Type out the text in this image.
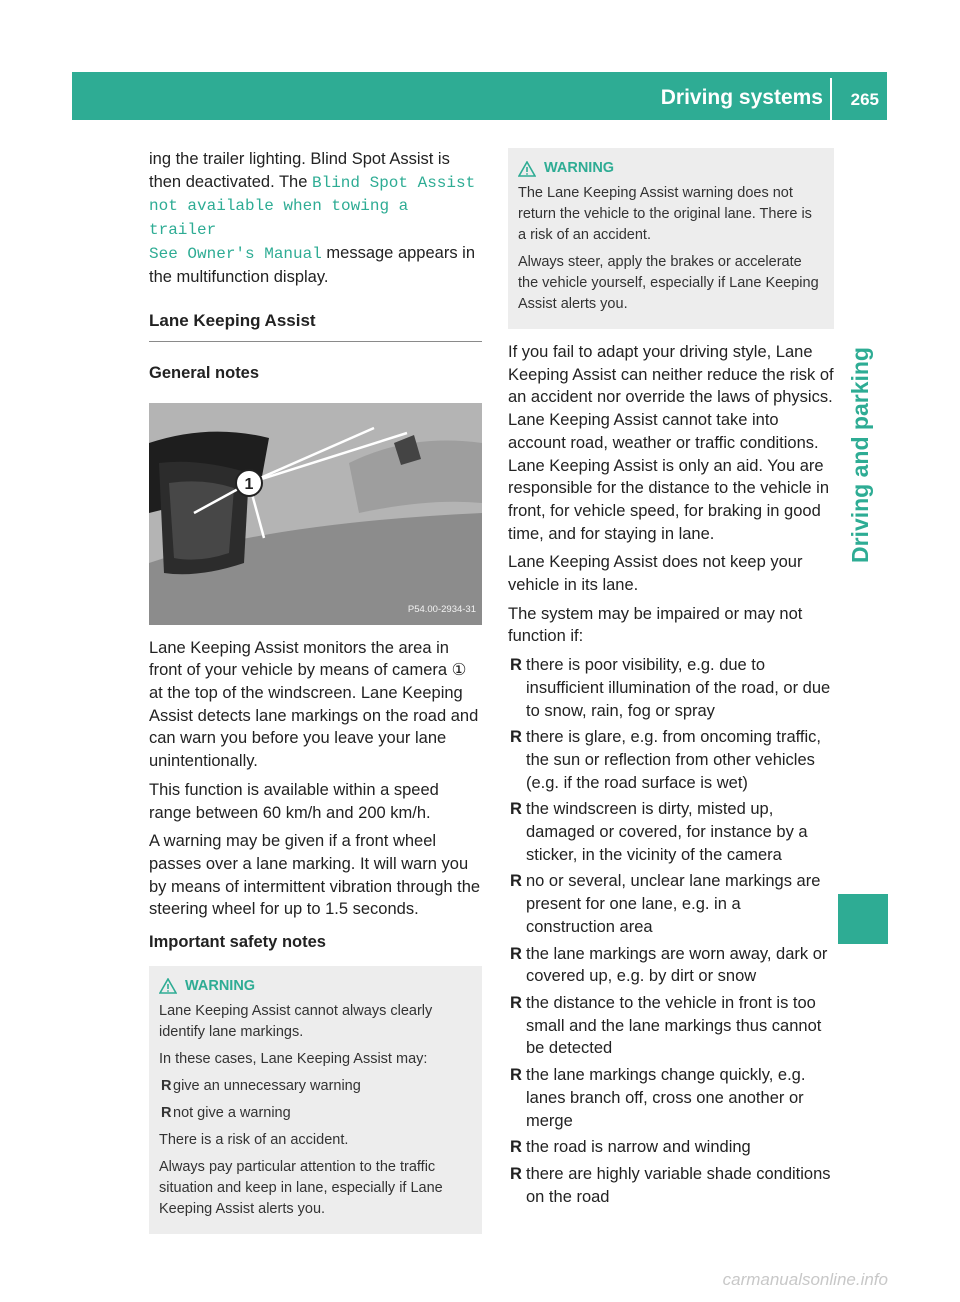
Driving systems 265
Driving and parking

ing the trailer lighting. Blind Spot Assist is
then deactivated. The Blind Spot Assist
not available when towing a trailer
See Owner's Manual message appears in
the multifunction display.

Lane Keeping Assist
General notes
1
P54.00-2934-31

Lane Keeping Assist monitors the area in front of your vehicle by means of camera ① at the top of the windscreen. Lane Keeping Assist detects lane markings on the road and can warn you before you leave your lane unintentionally.

This function is available within a speed range between 60 km/h and 200 km/h.

A warning may be given if a front wheel passes over a lane marking. It will warn you by means of intermittent vibration through the steering wheel for up to 1.5 seconds.

Important safety notes
WARNING

Lane Keeping Assist cannot always clearly identify lane markings.

In these cases, Lane Keeping Assist may:

R give an unnecessary warning
R not give a warning

There is a risk of an accident.

Always pay particular attention to the traffic situation and keep in lane, especially if Lane Keeping Assist alerts you.

WARNING

The Lane Keeping Assist warning does not return the vehicle to the original lane. There is a risk of an accident.

Always steer, apply the brakes or accelerate the vehicle yourself, especially if Lane Keeping Assist alerts you.

If you fail to adapt your driving style, Lane Keeping Assist can neither reduce the risk of an accident nor override the laws of physics. Lane Keeping Assist cannot take into account road, weather or traffic conditions. Lane Keeping Assist is only an aid. You are responsible for the distance to the vehicle in front, for vehicle speed, for braking in good time, and for staying in lane.

Lane Keeping Assist does not keep your vehicle in its lane.

The system may be impaired or may not function if:

R there is poor visibility, e.g. due to insufficient illumination of the road, or due to snow, rain, fog or spray
R there is glare, e.g. from oncoming traffic, the sun or reflection from other vehicles (e.g. if the road surface is wet)
R the windscreen is dirty, misted up, damaged or covered, for instance by a sticker, in the vicinity of the camera
R no or several, unclear lane markings are present for one lane, e.g. in a construction area
R the lane markings are worn away, dark or covered up, e.g. by dirt or snow
R the distance to the vehicle in front is too small and the lane markings thus cannot be detected
R the lane markings change quickly, e.g. lanes branch off, cross one another or merge
R the road is narrow and winding
R there are highly variable shade conditions on the road
carmanualsonline.info
